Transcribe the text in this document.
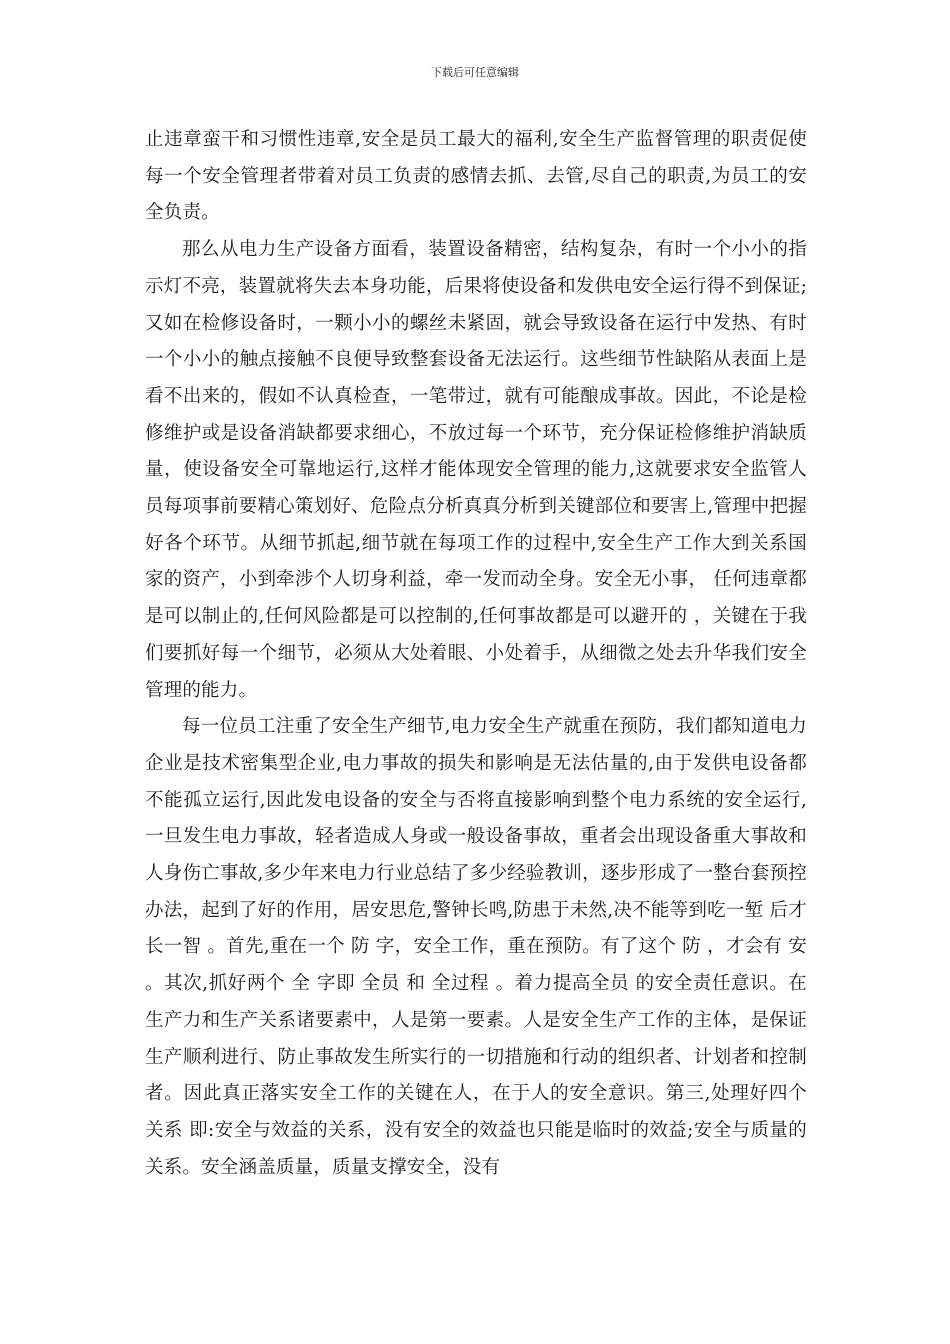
下载后可任意编辑

止违章蛮干和习惯性违章,安全是员工最大的福利,安全生产监督管理的职责促使每一个安全管理者带着对员工负责的感情去抓、去管,尽自己的职责,为员工的安全负责。

那么从电力生产设备方面看，装置设备精密，结构复杂，有时一个小小的指示灯不亮，装置就将失去本身功能，后果将使设备和发供电安全运行得不到保证;又如在检修设备时，一颗小小的螺丝未紧固，就会导致设备在运行中发热、有时一个小小的触点接触不良便导致整套设备无法运行。这些细节性缺陷从表面上是看不出来的，假如不认真检查，一笔带过，就有可能酿成事故。因此，不论是检修维护或是设备消缺都要求细心，不放过每一个环节，充分保证检修维护消缺质量，使设备安全可靠地运行,这样才能体现安全管理的能力,这就要求安全监管人员每项事前要精心策划好、危险点分析真真分析到关键部位和要害上,管理中把握好各个环节。从细节抓起,细节就在每项工作的过程中,安全生产工作大到关系国家的资产，小到牵涉个人切身利益，牵一发而动全身。安全无小事， 任何违章都是可以制止的,任何风险都是可以控制的,任何事故都是可以避开的 ，关键在于我们要抓好每一个细节，必须从大处着眼、小处着手，从细微之处去升华我们安全管理的能力。

每一位员工注重了安全生产细节,电力安全生产就重在预防，我们都知道电力企业是技术密集型企业,电力事故的损失和影响是无法估量的,由于发供电设备都不能孤立运行,因此发电设备的安全与否将直接影响到整个电力系统的安全运行,一旦发生电力事故，轻者造成人身或一般设备事故，重者会出现设备重大事故和人身伤亡事故,多少年来电力行业总结了多少经验教训，逐步形成了一整台套预控办法，起到了好的作用，居安思危,警钟长鸣,防患于未然,决不能等到吃一堑 后才 长一智 。首先,重在一个 防 字，安全工作，重在预防。有了这个 防 ，才会有 安 。其次,抓好两个 全 字即 全员 和 全过程 。着力提高全员 的安全责任意识。在生产力和生产关系诸要素中，人是第一要素。人是安全生产工作的主体，是保证生产顺利进行、防止事故发生所实行的一切措施和行动的组织者、计划者和控制者。因此真正落实安全工作的关键在人，在于人的安全意识。第三,处理好四个 关系 即:安全与效益的关系，没有安全的效益也只能是临时的效益;安全与质量的关系。安全涵盖质量，质量支撑安全，没有
